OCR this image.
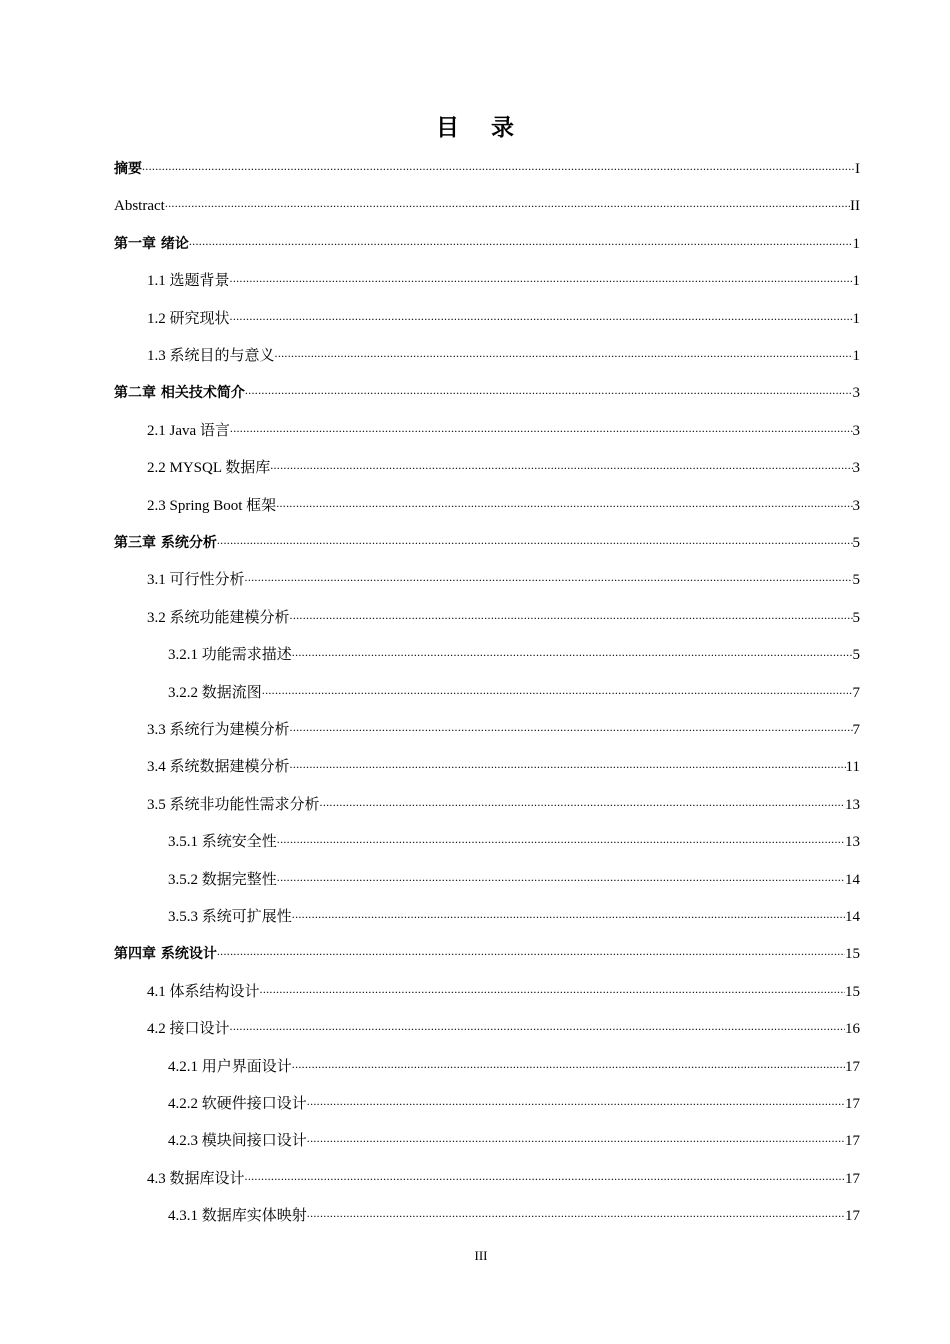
目 录
摘要 .....	I
Abstract .....	II
第一章 绪论 .....	1
1.1 选题背景 .....	1
1.2 研究现状 .....	1
1.3 系统目的与意义 .....	1
第二章 相关技术简介 .....	3
2.1 Java 语言 .....	3
2.2 MYSQL 数据库 .....	3
2.3 Spring Boot 框架 .....	3
第三章 系统分析 .....	5
3.1 可行性分析 .....	5
3.2 系统功能建模分析 .....	5
3.2.1 功能需求描述 .....	5
3.2.2 数据流图 .....	7
3.3 系统行为建模分析 .....	7
3.4 系统数据建模分析 .....	11
3.5 系统非功能性需求分析 .....	13
3.5.1 系统安全性 .....	13
3.5.2 数据完整性 .....	14
3.5.3 系统可扩展性 .....	14
第四章 系统设计 .....	15
4.1 体系结构设计 .....	15
4.2 接口设计 .....	16
4.2.1 用户界面设计 .....	17
4.2.2 软硬件接口设计 .....	17
4.2.3 模块间接口设计 .....	17
4.3 数据库设计 .....	17
4.3.1 数据库实体映射 .....	17
III
